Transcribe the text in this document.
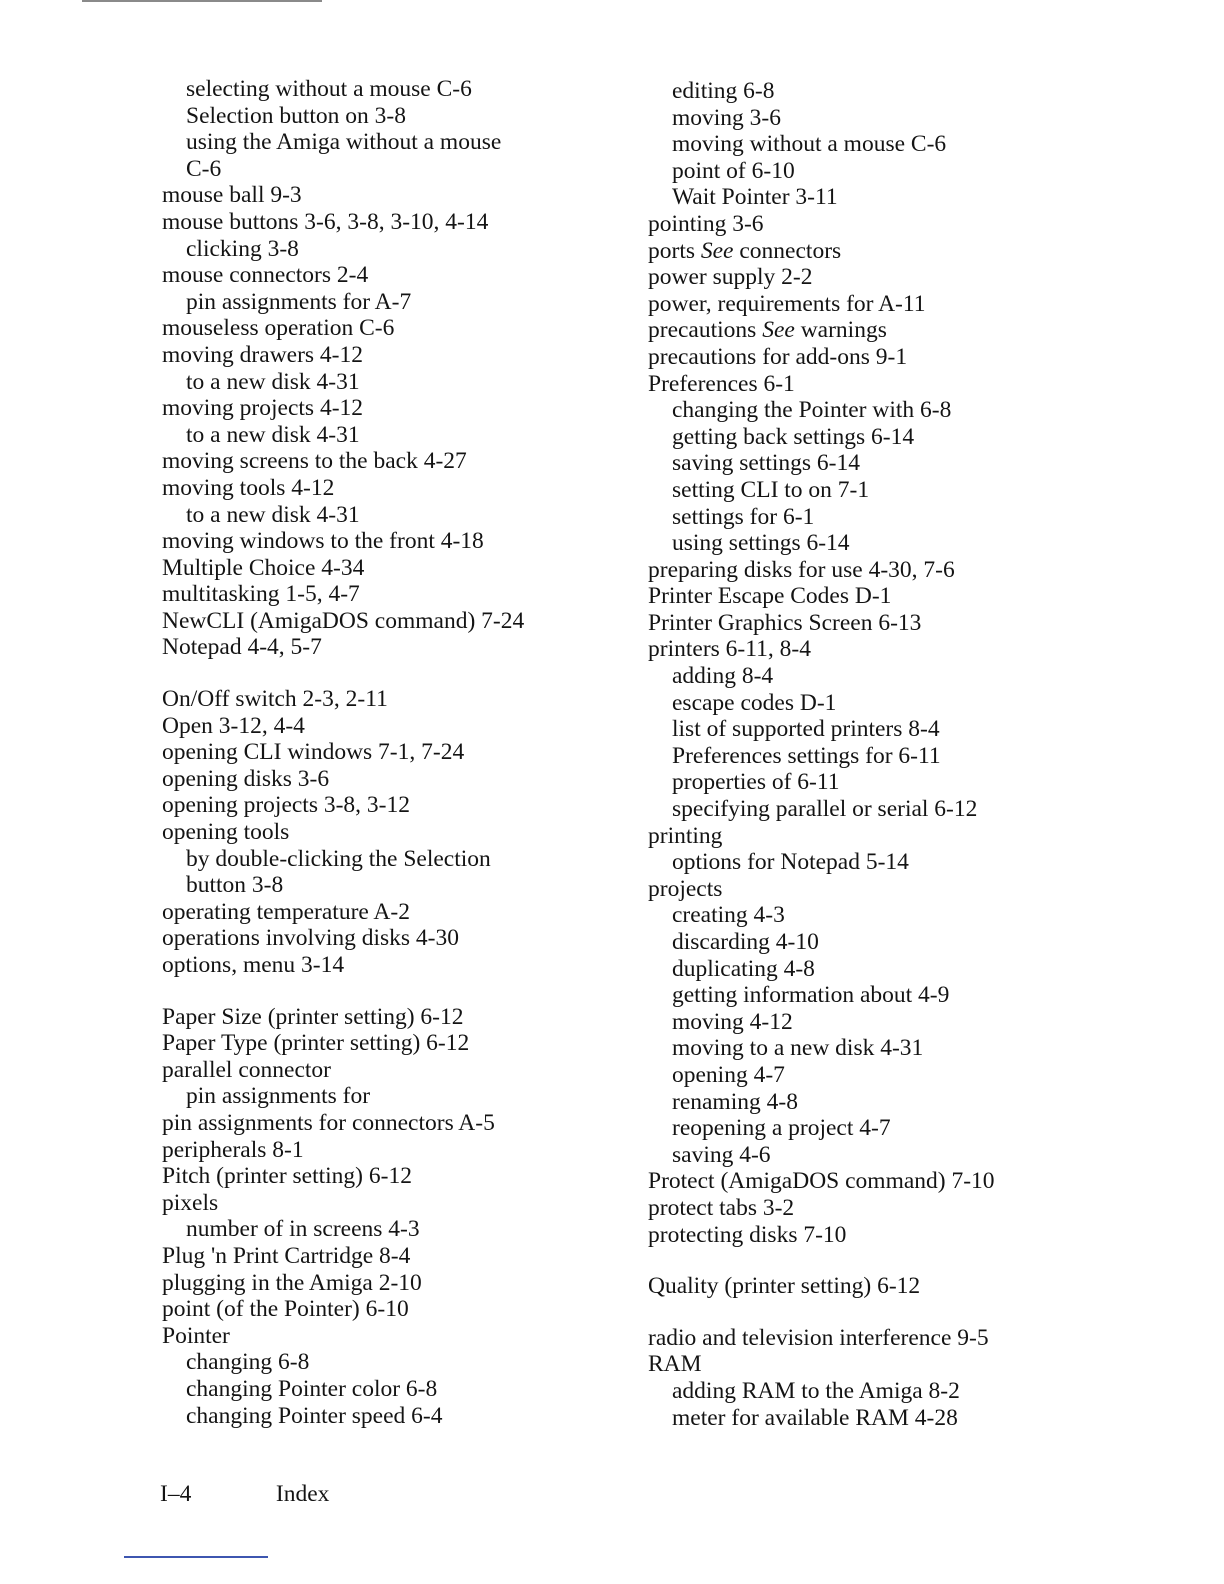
selecting without a mouse C-6
Selection button on 3-8
using the Amiga without a mouse
C-6
mouse ball 9-3
mouse buttons 3-6, 3-8, 3-10, 4-14
clicking 3-8
mouse connectors 2-4
pin assignments for A-7
mouseless operation C-6
moving drawers 4-12
to a new disk 4-31
moving projects 4-12
to a new disk 4-31
moving screens to the back 4-27
moving tools 4-12
to a new disk 4-31
moving windows to the front 4-18
Multiple Choice 4-34
multitasking 1-5, 4-7
NewCLI (AmigaDOS command) 7-24
Notepad 4-4, 5-7
On/Off switch 2-3, 2-11
Open 3-12, 4-4
opening CLI windows 7-1, 7-24
opening disks 3-6
opening projects 3-8, 3-12
opening tools
by double-clicking the Selection
button 3-8
operating temperature A-2
operations involving disks 4-30
options, menu 3-14
Paper Size (printer setting) 6-12
Paper Type (printer setting) 6-12
parallel connector
pin assignments for
pin assignments for connectors A-5
peripherals 8-1
Pitch (printer setting) 6-12
pixels
number of in screens 4-3
Plug 'n Print Cartridge 8-4
plugging in the Amiga 2-10
point (of the Pointer) 6-10
Pointer
changing 6-8
changing Pointer color 6-8
changing Pointer speed 6-4
editing 6-8
moving 3-6
moving without a mouse C-6
point of 6-10
Wait Pointer 3-11
pointing 3-6
ports See connectors
power supply 2-2
power, requirements for A-11
precautions See warnings
precautions for add-ons 9-1
Preferences 6-1
changing the Pointer with 6-8
getting back settings 6-14
saving settings 6-14
setting CLI to on 7-1
settings for 6-1
using settings 6-14
preparing disks for use 4-30, 7-6
Printer Escape Codes D-1
Printer Graphics Screen 6-13
printers 6-11, 8-4
adding 8-4
escape codes D-1
list of supported printers 8-4
Preferences settings for 6-11
properties of 6-11
specifying parallel or serial 6-12
printing
options for Notepad 5-14
projects
creating 4-3
discarding 4-10
duplicating 4-8
getting information about 4-9
moving 4-12
moving to a new disk 4-31
opening 4-7
renaming 4-8
reopening a project 4-7
saving 4-6
Protect (AmigaDOS command) 7-10
protect tabs 3-2
protecting disks 7-10
Quality (printer setting) 6-12
radio and television interference 9-5
RAM
adding RAM to the Amiga 8-2
meter for available RAM 4-28
I–4	Index
